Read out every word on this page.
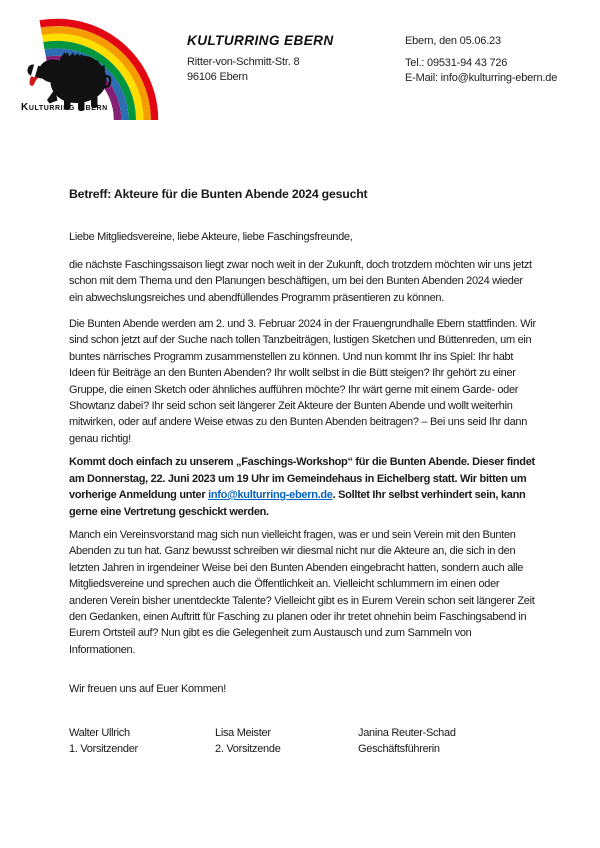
Kulturring Ebern
KULTURRING EBERN
Ritter-von-Schmitt-Str. 8
96106 Ebern
Ebern, den 05.06.23
Tel.: 09531-94 43 726
E-Mail: info@kulturring-ebern.de
Betreff: Akteure für die Bunten Abende 2024 gesucht
Liebe Mitgliedsvereine, liebe Akteure, liebe Faschingsfreunde,

die nächste Faschingssaison liegt zwar noch weit in der Zukunft, doch trotzdem möchten wir uns jetzt schon mit dem Thema und den Planungen beschäftigen, um bei den Bunten Abenden 2024 wieder ein abwechslungsreiches und abendfüllendes Programm präsentieren zu können.

Die Bunten Abende werden am 2. und 3. Februar 2024 in der Frauengrundhalle Ebern stattfinden. Wir sind schon jetzt auf der Suche nach tollen Tanzbeiträgen, lustigen Sketchen und Büttenreden, um ein buntes närrisches Programm zusammenstellen zu können. Und nun kommt Ihr ins Spiel: Ihr habt Ideen für Beiträge an den Bunten Abenden? Ihr wollt selbst in die Bütt steigen? Ihr gehört zu einer Gruppe, die einen Sketch oder ähnliches aufführen möchte? Ihr wärt gerne mit einem Garde- oder Showtanz dabei? Ihr seid schon seit längerer Zeit Akteure der Bunten Abende und wollt weiterhin mitwirken, oder auf andere Weise etwas zu den Bunten Abenden beitragen? – Bei uns seid Ihr dann genau richtig!

Kommt doch einfach zu unserem „Faschings-Workshop“ für die Bunten Abende. Dieser findet am Donnerstag, 22. Juni 2023 um 19 Uhr im Gemeindehaus in Eichelberg statt. Wir bitten um vorherige Anmeldung unter info@kulturring-ebern.de. Solltet Ihr selbst verhindert sein, kann gerne eine Vertretung geschickt werden.

Manch ein Vereinsvorstand mag sich nun vielleicht fragen, was er und sein Verein mit den Bunten Abenden zu tun hat. Ganz bewusst schreiben wir diesmal nicht nur die Akteure an, die sich in den letzten Jahren in irgendeiner Weise bei den Bunten Abenden eingebracht hatten, sondern auch alle Mitgliedsvereine und sprechen auch die Öffentlichkeit an. Vielleicht schlummern im einen oder anderen Verein bisher unentdeckte Talente? Vielleicht gibt es in Eurem Verein schon seit längerer Zeit den Gedanken, einen Auftritt für Fasching zu planen oder ihr tretet ohnehin beim Faschingsabend in Eurem Ortsteil auf? Nun gibt es die Gelegenheit zum Austausch und zum Sammeln von Informationen.

Wir freuen uns auf Euer Kommen!
Walter Ullrich
1. Vorsitzender
Lisa Meister
2. Vorsitzende
Janina Reuter-Schad
Geschäftsführerin
